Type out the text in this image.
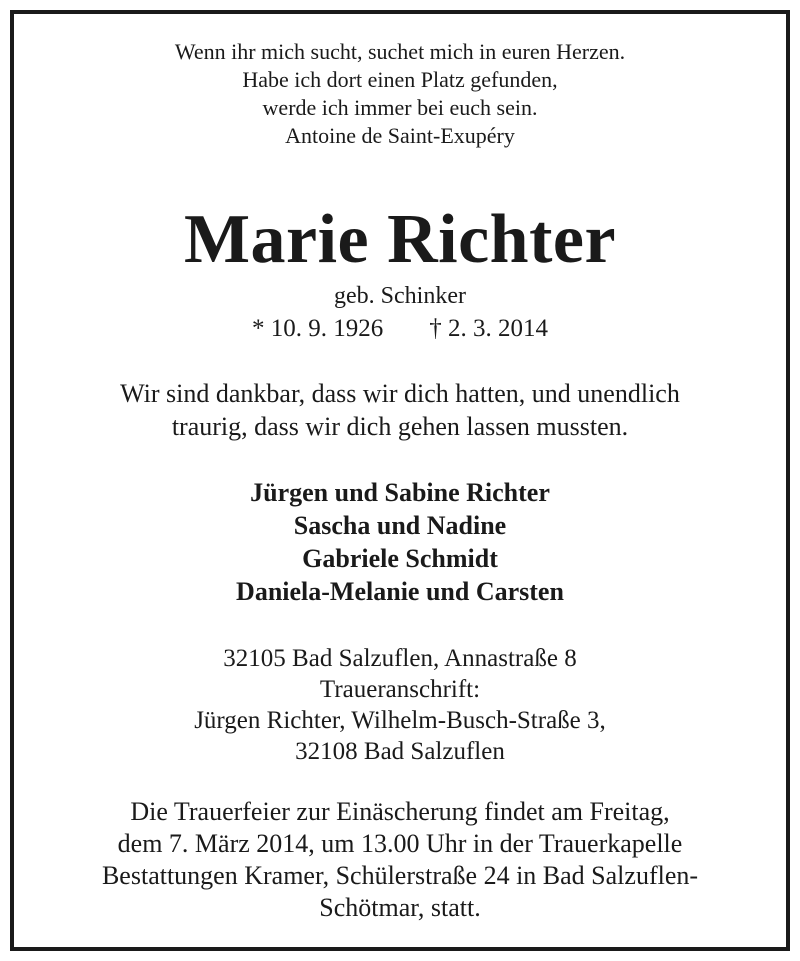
Wenn ihr mich sucht, suchet mich in euren Herzen.
Habe ich dort einen Platz gefunden,
werde ich immer bei euch sein.
Antoine de Saint-Exupéry
Marie Richter
geb. Schinker
* 10. 9. 1926 † 2. 3. 2014
Wir sind dankbar, dass wir dich hatten, und unendlich
traurig, dass wir dich gehen lassen mussten.
Jürgen und Sabine Richter
Sascha und Nadine
Gabriele Schmidt
Daniela-Melanie und Carsten
32105 Bad Salzuflen, Annastraße 8
Traueranschrift:
Jürgen Richter, Wilhelm-Busch-Straße 3,
32108 Bad Salzuflen
Die Trauerfeier zur Einäscherung findet am Freitag,
dem 7. März 2014, um 13.00 Uhr in der Trauerkapelle
Bestattungen Kramer, Schülerstraße 24 in Bad Salzuflen-
Schötmar, statt.
